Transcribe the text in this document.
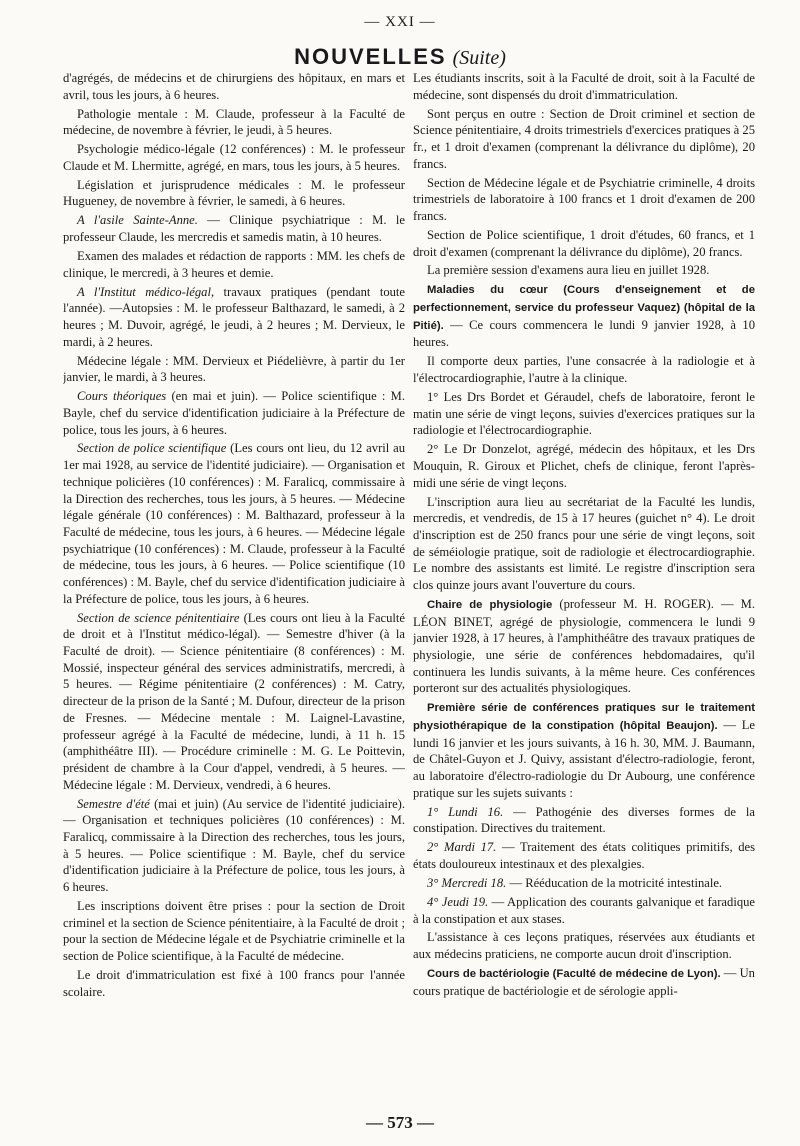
— XXI —
NOUVELLES (Suite)

d'agrégés, de médecins et de chirurgiens des hôpitaux, en mars et avril, tous les jours, à 6 heures.

Pathologie mentale : M. Claude, professeur à la Faculté de médecine, de novembre à février, le jeudi, à 5 heures.

Psychologie médico-légale (12 conférences) : M. le professeur Claude et M. Lhermitte, agrégé, en mars, tous les jours, à 5 heures.

Législation et jurisprudence médicales : M. le professeur Hugueney, de novembre à février, le samedi, à 6 heures.

A l'asile Sainte-Anne. — Clinique psychiatrique : M. le professeur Claude, les mercredis et samedis matin, à 10 heures.

Examen des malades et rédaction de rapports : MM. les chefs de clinique, le mercredi, à 3 heures et demie.

A l'Institut médico-légal, travaux pratiques (pendant toute l'année). —Autopsies : M. le professeur Balthazard, le samedi, à 2 heures ; M. Duvoir, agrégé, le jeudi, à 2 heures ; M. Dervieux, le mardi, à 2 heures.

Médecine légale : MM. Dervieux et Piédelièvre, à partir du 1er janvier, le mardi, à 3 heures.

Cours théoriques (en mai et juin). — Police scientifique : M. Bayle, chef du service d'identification judiciaire à la Préfecture de police, tous les jours, à 6 heures.

Section de police scientifique (Les cours ont lieu, du 12 avril au 1er mai 1928, au service de l'identité judiciaire). — Organisation et technique policières (10 conférences) : M. Faralicq, commissaire à la Direction des recherches, tous les jours, à 5 heures. — Médecine légale générale (10 conférences) : M. Balthazard, professeur à la Faculté de médecine, tous les jours, à 6 heures. — Médecine légale psychiatrique (10 conférences) : M. Claude, professeur à la Faculté de médecine, tous les jours, à 6 heures. — Police scientifique (10 conférences) : M. Bayle, chef du service d'identification judiciaire à la Préfecture de police, tous les jours, à 6 heures.

Section de science pénitentiaire (Les cours ont lieu à la Faculté de droit et à l'Institut médico-légal). — Semestre d'hiver (à la Faculté de droit). — Science pénitentiaire (8 conférences) : M. Mossié, inspecteur général des services administratifs, mercredi, à 5 heures. — Régime pénitentiaire (2 conférences) : M. Catry, directeur de la prison de la Santé ; M. Dufour, directeur de la prison de Fresnes. — Médecine mentale : M. Laignel-Lavastine, professeur agrégé à la Faculté de médecine, lundi, à 11 h. 15 (amphithéâtre III). — Procédure criminelle : M. G. Le Poittevin, président de chambre à la Cour d'appel, vendredi, à 5 heures. — Médecine légale : M. Dervieux, vendredi, à 6 heures.

Semestre d'été (mai et juin) (Au service de l'identité judiciaire). — Organisation et techniques policières (10 conférences) : M. Faralicq, commissaire à la Direction des recherches, tous les jours, à 5 heures. — Police scientifique : M. Bayle, chef du service d'identification judiciaire à la Préfecture de police, tous les jours, à 6 heures.

Les inscriptions doivent être prises : pour la section de Droit criminel et la section de Science pénitentiaire, à la Faculté de droit ; pour la section de Médecine légale et de Psychiatrie criminelle et la section de Police scientifique, à la Faculté de médecine.

Le droit d'immatriculation est fixé à 100 francs pour l'année scolaire.

Les étudiants inscrits, soit à la Faculté de droit, soit à la Faculté de médecine, sont dispensés du droit d'immatriculation.

Sont perçus en outre : Section de Droit criminel et section de Science pénitentiaire, 4 droits trimestriels d'exercices pratiques à 25 fr., et 1 droit d'examen (comprenant la délivrance du diplôme), 20 francs.

Section de Médecine légale et de Psychiatrie criminelle, 4 droits trimestriels de laboratoire à 100 francs et 1 droit d'examen de 200 francs.

Section de Police scientifique, 1 droit d'études, 60 francs, et 1 droit d'examen (comprenant la délivrance du diplôme), 20 francs.

La première session d'examens aura lieu en juillet 1928.

Maladies du cœur (Cours d'enseignement et de perfectionnement, service du professeur Vaquez) (hôpital de la Pitié). — Ce cours commencera le lundi 9 janvier 1928, à 10 heures.

Il comporte deux parties, l'une consacrée à la radiologie et à l'électrocardiographie, l'autre à la clinique.

1° Les Drs Bordet et Géraudel, chefs de laboratoire, feront le matin une série de vingt leçons, suivies d'exercices pratiques sur la radiologie et l'électrocardiographie.

2° Le Dr Donzelot, agrégé, médecin des hôpitaux, et les Drs Mouquin, R. Giroux et Plichet, chefs de clinique, feront l'après-midi une série de vingt leçons.

L'inscription aura lieu au secrétariat de la Faculté les lundis, mercredis, et vendredis, de 15 à 17 heures (guichet n° 4). Le droit d'inscription est de 250 francs pour une série de vingt leçons, soit de séméiologie pratique, soit de radiologie et électrocardiographie. Le nombre des assistants est limité. Le registre d'inscription sera clos quinze jours avant l'ouverture du cours.

Chaire de physiologie (professeur M. H. ROGER). — M. LÉON BINET, agrégé de physiologie, commencera le lundi 9 janvier 1928, à 17 heures, à l'amphithéâtre des travaux pratiques de physiologie, une série de conférences hebdomadaires, qu'il continuera les lundis suivants, à la même heure. Ces conférences porteront sur des actualités physiologiques.

Première série de conférences pratiques sur le traitement physiothérapique de la constipation (hôpital Beaujon). — Le lundi 16 janvier et les jours suivants, à 16 h. 30, MM. J. Baumann, de Châtel-Guyon et J. Quivy, assistant d'électro-radiologie, feront, au laboratoire d'électro-radiologie du Dr Aubourg, une conférence pratique sur les sujets suivants :

1° Lundi 16. — Pathogénie des diverses formes de la constipation. Directives du traitement.

2° Mardi 17. — Traitement des états colitiques primitifs, des états douloureux intestinaux et des plexalgies.

3° Mercredi 18. — Rééducation de la motricité intestinale.

4° Jeudi 19. — Application des courants galvanique et faradique à la constipation et aux stases.

L'assistance à ces leçons pratiques, réservées aux étudiants et aux médecins praticiens, ne comporte aucun droit d'inscription.

Cours de bactériologie (Faculté de médecine de Lyon). — Un cours pratique de bactériologie et de sérologie appli-

— 573 —
